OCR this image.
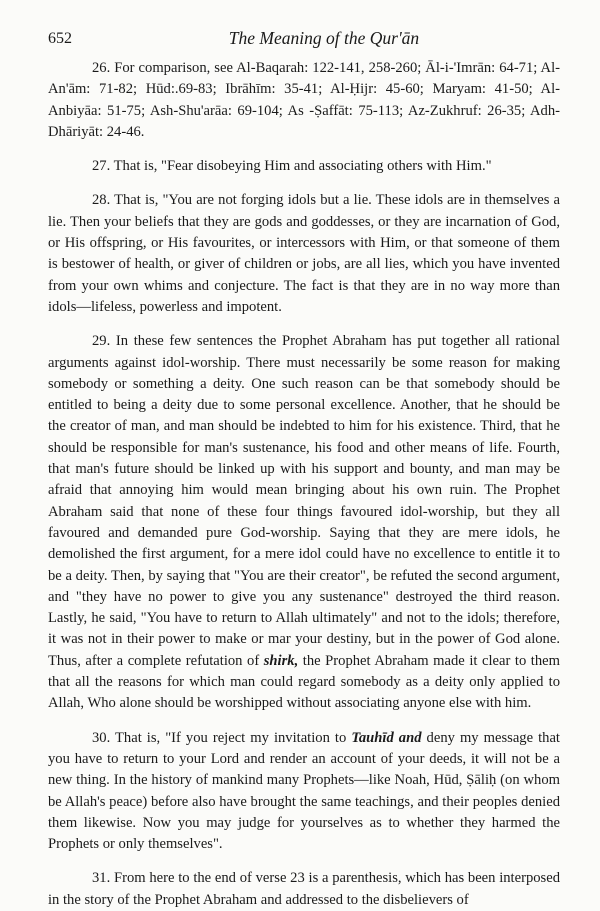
652	The Meaning of the Qur'ān

26. For comparison, see Al-Baqarah: 122-141, 258-260; Āl-i-'Imrān: 64-71; Al-An'ām: 71-82; Hūd:.69-83; Ibrāhīm: 35-41; Al-Ḥijr: 45-60; Maryam: 41-50; Al-Anbiyāa: 51-75; Ash-Shu'arāa: 69-104; As -Ṣaffāt: 75-113; Az-Zukhruf: 26-35; Adh-Dhāriyāt: 24-46.

27. That is, "Fear disobeying Him and associating others with Him."

28. That is, "You are not forging idols but a lie. These idols are in themselves a lie. Then your beliefs that they are gods and goddesses, or they are incarnation of God, or His offspring, or His favourites, or intercessors with Him, or that someone of them is bestower of health, or giver of children or jobs, are all lies, which you have invented from your own whims and conjecture. The fact is that they are in no way more than idols—lifeless, powerless and impotent.

29. In these few sentences the Prophet Abraham has put together all rational arguments against idol-worship. There must necessarily be some reason for making somebody or something a deity. One such reason can be that somebody should be entitled to being a deity due to some personal excellence. Another, that he should be the creator of man, and man should be indebted to him for his existence. Third, that he should be responsible for man's sustenance, his food and other means of life. Fourth, that man's future should be linked up with his support and bounty, and man may be afraid that annoying him would mean bringing about his own ruin. The Prophet Abraham said that none of these four things favoured idol-worship, but they all favoured and demanded pure God-worship. Saying that they are mere idols, he demolished the first argument, for a mere idol could have no excellence to entitle it to be a deity. Then, by saying that "You are their creator", be refuted the second argument, and "they have no power to give you any sustenance" destroyed the third reason. Lastly, he said, "You have to return to Allah ultimately" and not to the idols; therefore, it was not in their power to make or mar your destiny, but in the power of God alone. Thus, after a complete refutation of shirk, the Prophet Abraham made it clear to them that all the reasons for which man could regard somebody as a deity only applied to Allah, Who alone should be worshipped without associating anyone else with him.

30. That is, "If you reject my invitation to Tauhīd and deny my message that you have to return to your Lord and render an account of your deeds, it will not be a new thing. In the history of mankind many Prophets—like Noah, Hūd, Ṣāliḥ (on whom be Allah's peace) before also have brought the same teachings, and their peoples denied them likewise. Now you may judge for yourselves as to whether they harmed the Prophets or only themselves".

31. From here to the end of verse 23 is a parenthesis, which has been interposed in the story of the Prophet Abraham and addressed to the disbelievers of
